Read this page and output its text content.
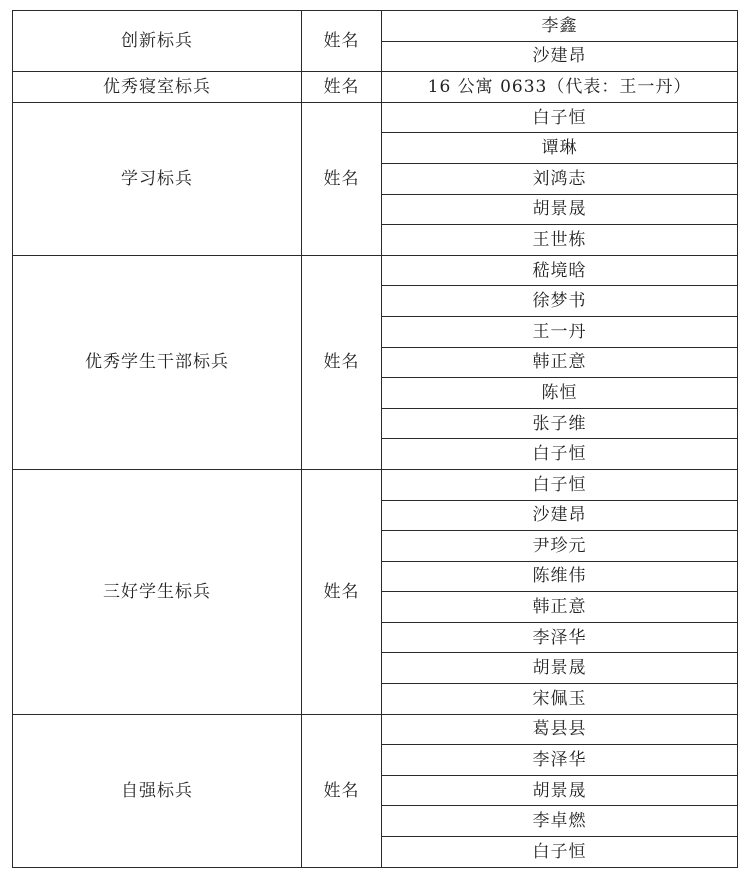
创新标兵	姓名	李鑫
		沙建昂
优秀寝室标兵	姓名	16 公寓 0633（代表：王一丹）
学习标兵	姓名	白子恒
		谭琳
		刘鸿志
		胡景晟
		王世栋
优秀学生干部标兵	姓名	嵇境晗
		徐梦书
		王一丹
		韩正意
		陈恒
		张子维
		白子恒
三好学生标兵	姓名	白子恒
		沙建昂
		尹珍元
		陈维伟
		韩正意
		李泽华
		胡景晟
		宋佩玉
自强标兵	姓名	葛县县
		李泽华
		胡景晟
		李卓燃
		白子恒
